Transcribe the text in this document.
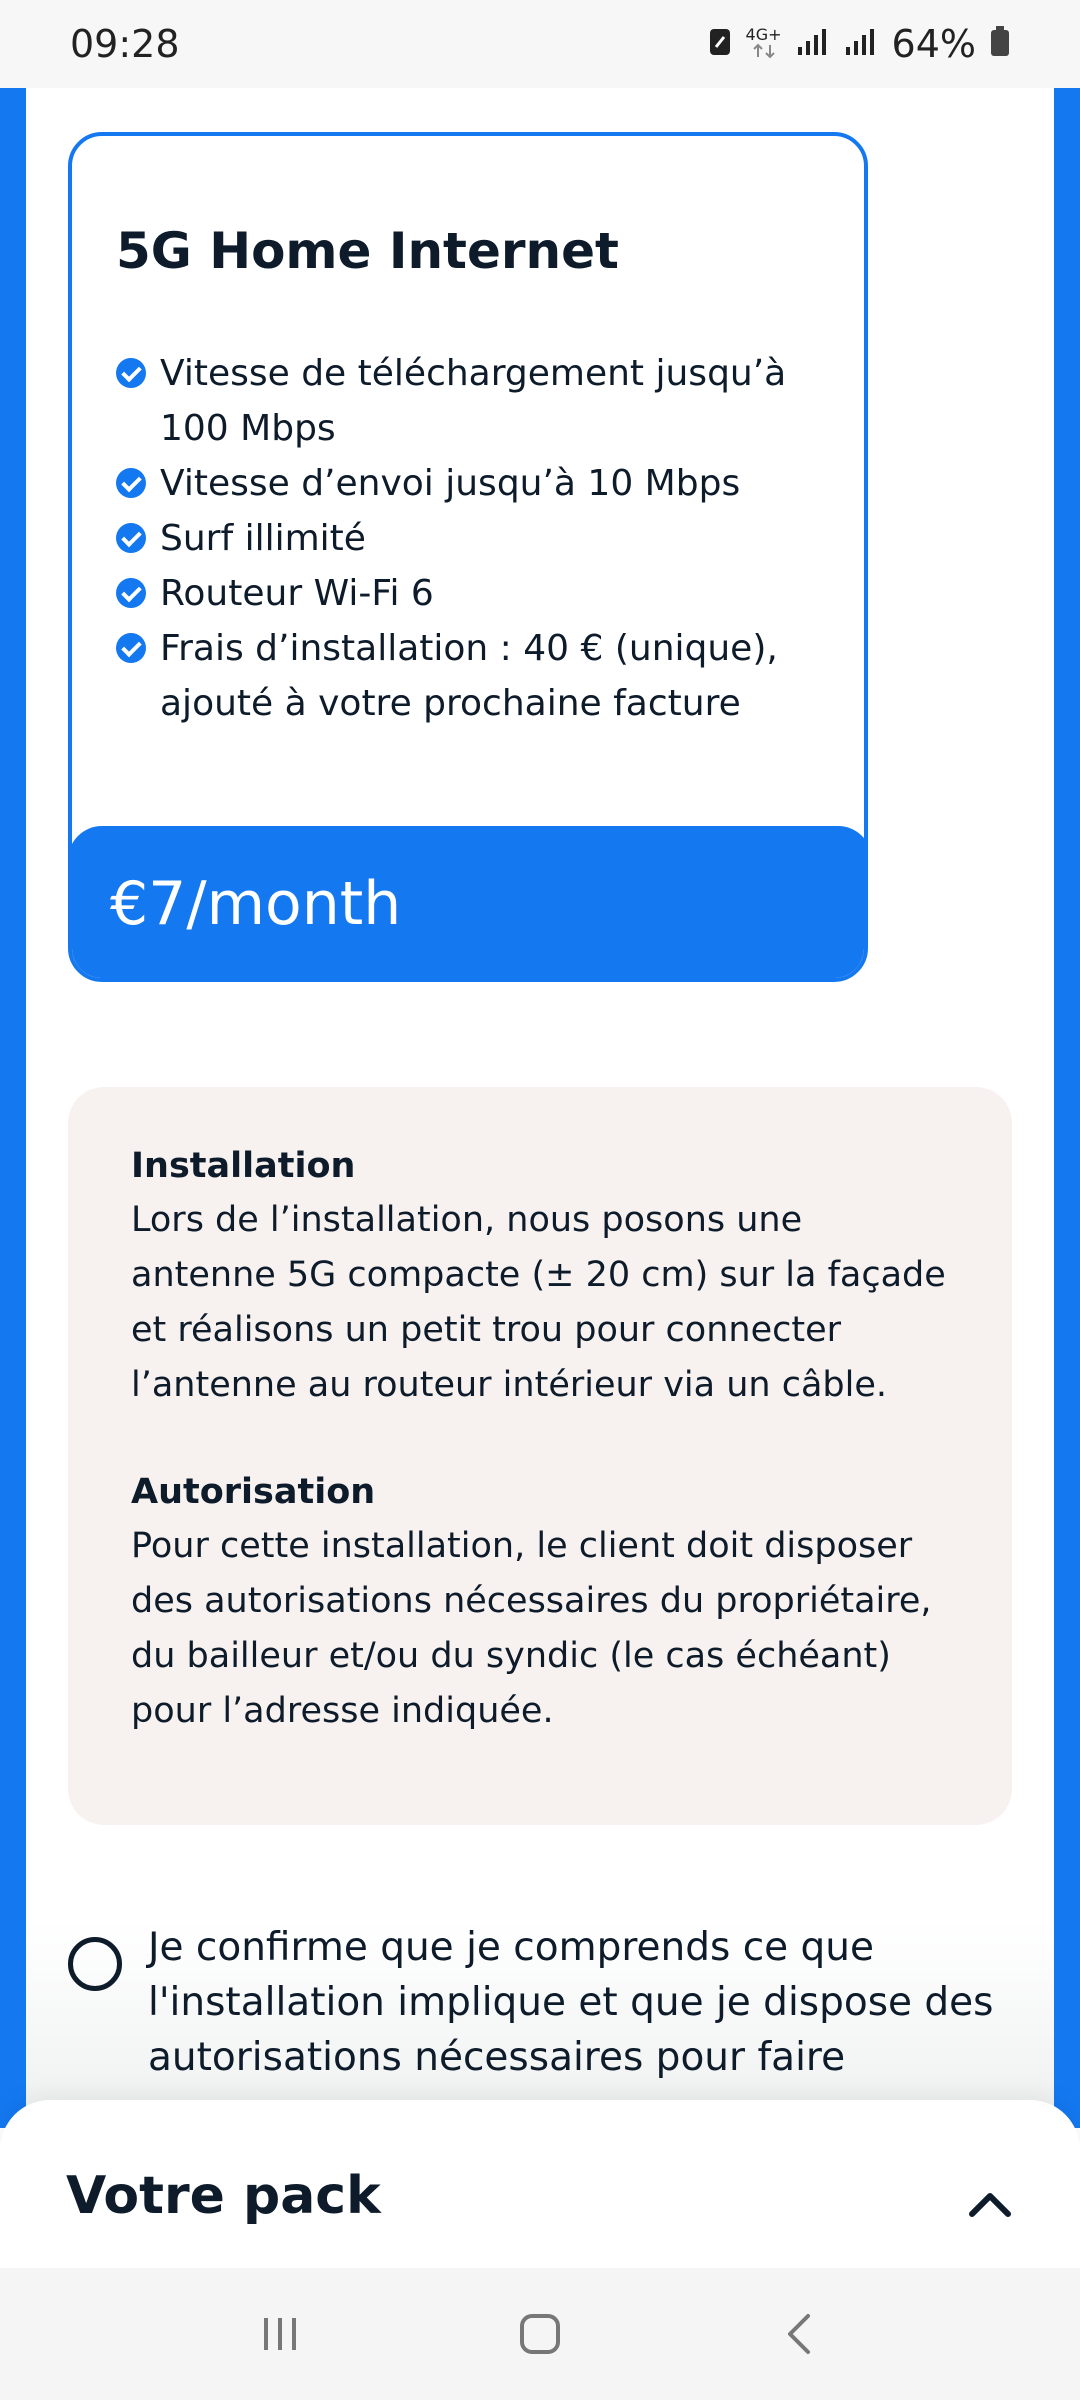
09:28	4G+	64%
5G Home Internet
Vitesse de téléchargement jusqu’à 100 Mbps
Vitesse d’envoi jusqu’à 10 Mbps
Surf illimité
Routeur Wi-Fi 6
Frais d’installation : 40 € (unique), ajouté à votre prochaine facture
€7/month
Installation
Lors de l’installation, nous posons une antenne 5G compacte (± 20 cm) sur la façade et réalisons un petit trou pour connecter l’antenne au routeur intérieur via un câble.
Autorisation
Pour cette installation, le client doit disposer des autorisations nécessaires du propriétaire, du bailleur et/ou du syndic (le cas échéant) pour l’adresse indiquée.
Je confirme que je comprends ce que l'installation implique et que je dispose des autorisations nécessaires pour faire
Votre pack
